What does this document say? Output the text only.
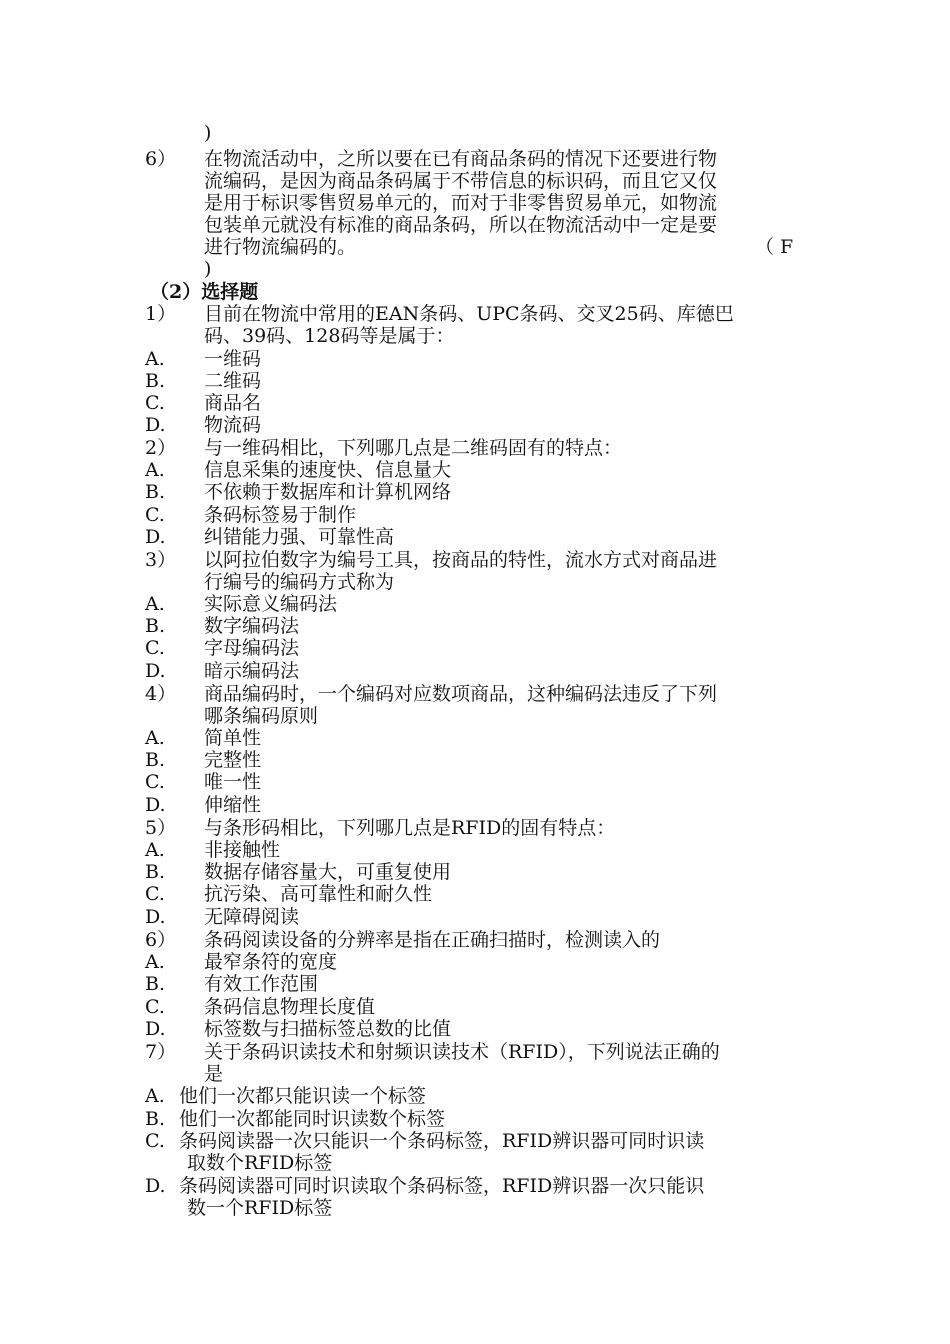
)
6） 在物流活动中，之所以要在已有商品条码的情况下还要进行物
流编码，是因为商品条码属于不带信息的标识码，而且它又仅
是用于标识零售贸易单元的，而对于非零售贸易单元，如物流
包装单元就没有标准的商品条码，所以在物流活动中一定是要
进行物流编码的。	（ F
)
（2）选择题
1） 目前在物流中常用的EAN条码、UPC条码、交叉25码、库德巴
码、39码、128码等是属于：
A. 一维码
B. 二维码
C. 商品名
D. 物流码
2） 与一维码相比，下列哪几点是二维码固有的特点：
A. 信息采集的速度快、信息量大
B. 不依赖于数据库和计算机网络
C. 条码标签易于制作
D. 纠错能力强、可靠性高
3） 以阿拉伯数字为编号工具，按商品的特性，流水方式对商品进
行编号的编码方式称为
A. 实际意义编码法
B. 数字编码法
C. 字母编码法
D. 暗示编码法
4） 商品编码时，一个编码对应数项商品，这种编码法违反了下列
哪条编码原则
A. 简单性
B. 完整性
C. 唯一性
D. 伸缩性
5） 与条形码相比，下列哪几点是RFID的固有特点：
A. 非接触性
B. 数据存储容量大，可重复使用
C. 抗污染、高可靠性和耐久性
D. 无障碍阅读
6） 条码阅读设备的分辨率是指在正确扫描时，检测读入的
A. 最窄条符的宽度
B. 有效工作范围
C. 条码信息物理长度值
D. 标签数与扫描标签总数的比值
7） 关于条码识读技术和射频识读技术（RFID），下列说法正确的
是
A. 他们一次都只能识读一个标签
B. 他们一次都能同时识读数个标签
C. 条码阅读器一次只能识一个条码标签，RFID辨识器可同时识读
取数个RFID标签
D. 条码阅读器可同时识读取个条码标签，RFID辨识器一次只能识
数一个RFID标签
